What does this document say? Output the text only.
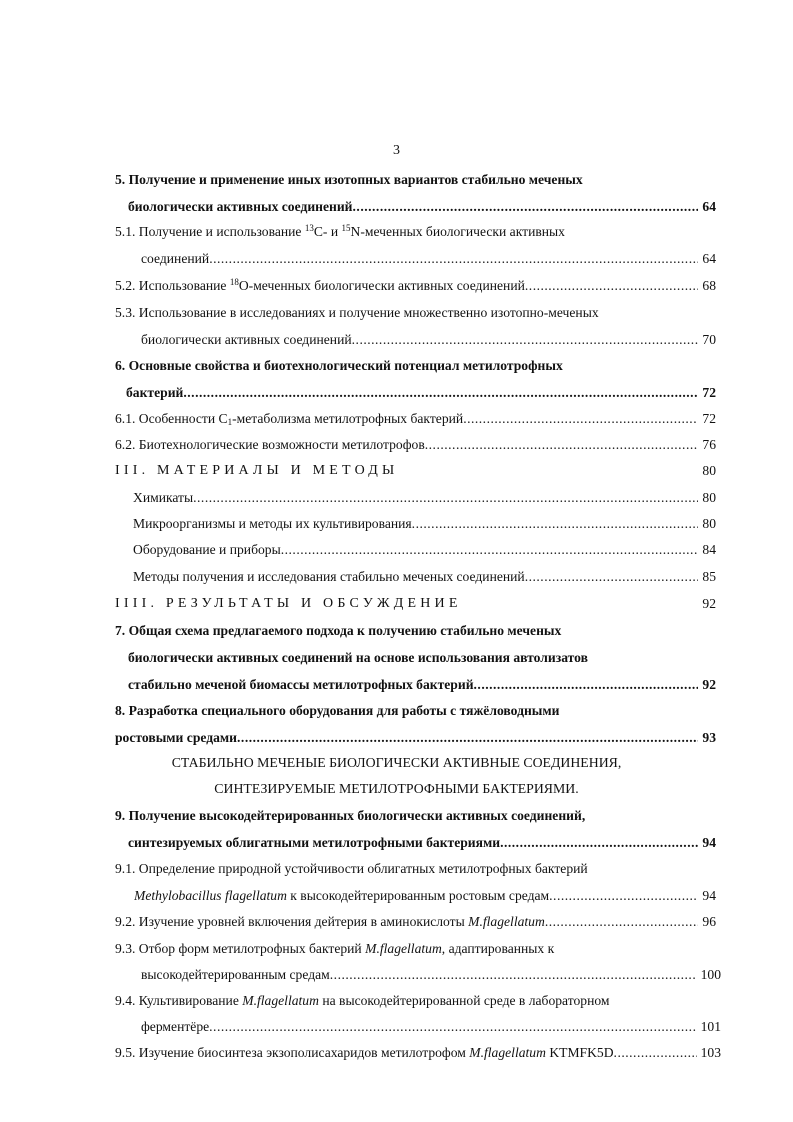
3
5. Получение и применение иных изотопных вариантов стабильно меченых
биологически активных соединений .....	64
5.1. Получение и использование $^{13}$C- и $^{15}$N-меченных биологически активных
соединений .....	64
5.2. Использование $^{18}$O-меченных биологически активных соединений .....	68
5.3. Использование в исследованиях и получение множественно изотопно-меченых
биологически активных соединений .....	70
6. Основные свойства и биотехнологический потенциал метилотрофных
бактерий .....	72
6.1. Особенности $C_1$-метаболизма метилотрофных бактерий .....	72
6.2. Биотехнологические возможности метилотрофов .....	76
III. МАТЕРИАЛЫ И МЕТОДЫ	80
Химикаты .....	80
Микроорганизмы и методы их культивирования .....	80
Оборудование и приборы .....	84
Методы получения и исследования стабильно меченых соединений .....	85
IIII. РЕЗУЛЬТАТЫ И ОБСУЖДЕНИЕ	92
7. Общая схема предлагаемого подхода к получению стабильно меченых
биологически активных соединений на основе использования автолизатов
стабильно меченой биомассы метилотрофных бактерий .....	92
8. Разработка специального оборудования для работы с тяжёловодными
ростовыми средами .....	93
СТАБИЛЬНО МЕЧЕНЫЕ БИОЛОГИЧЕСКИ АКТИВНЫЕ СОЕДИНЕНИЯ,
СИНТЕЗИРУЕМЫЕ МЕТИЛОТРОФНЫМИ БАКТЕРИЯМИ.
9. Получение высокодейтерированных биологически активных соединений,
синтезируемых облигатными метилотрофными бактериями .....	94
9.1. Определение природной устойчивости облигатных метилотрофных бактерий
Methylobacillus flagellatum к высокодейтерированным ростовым средам .....	94
9.2. Изучение уровней включения дейтерия в аминокислоты M.flagellatum .....	96
9.3. Отбор форм метилотрофных бактерий M.flagellatum, адаптированных к
высокодейтерированным средам .....	100
9.4. Культивирование M.flagellatum на высокодейтерированной среде в лабораторном
ферментёре .....	101
9.5. Изучение биосинтеза экзополисахаридов метилотрофом M.flagellatum KTMFK5D .....	103
